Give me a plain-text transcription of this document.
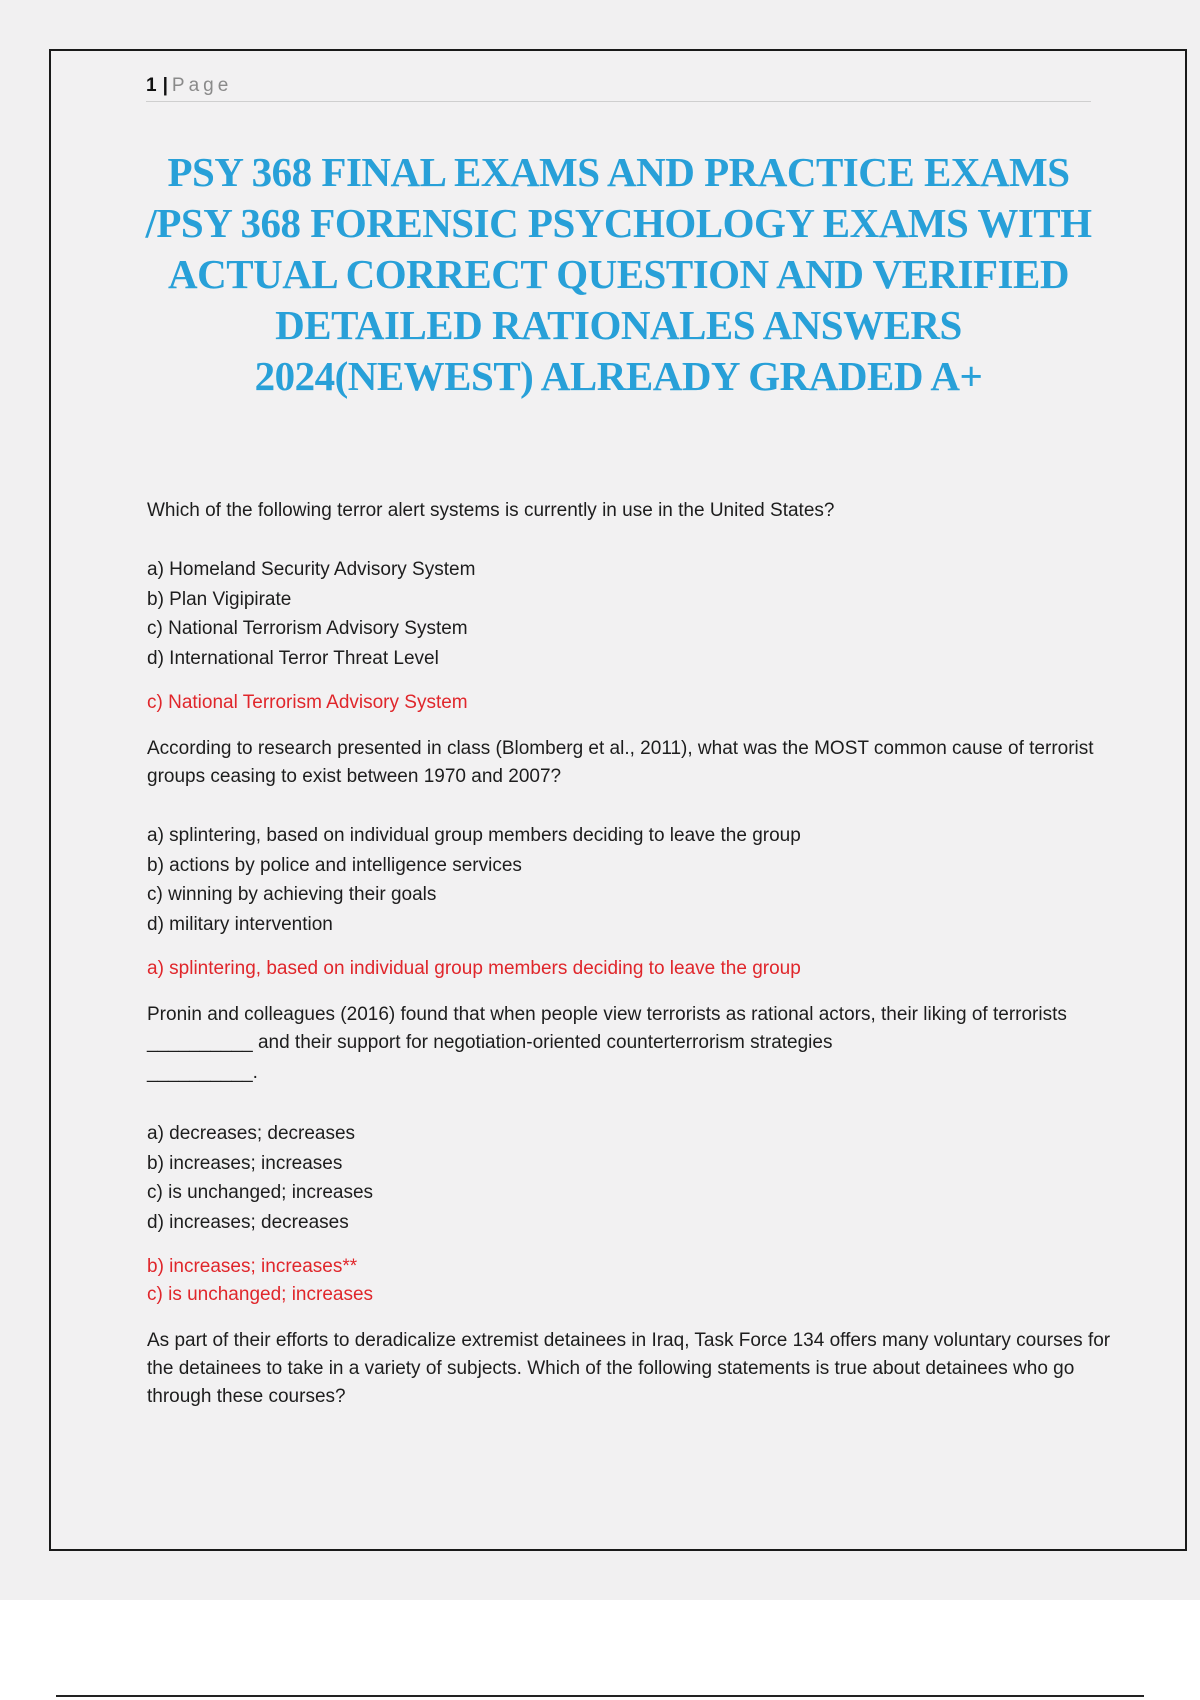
1 | Page
PSY 368 FINAL EXAMS AND PRACTICE EXAMS /PSY 368 FORENSIC PSYCHOLOGY EXAMS WITH ACTUAL CORRECT QUESTION AND VERIFIED DETAILED RATIONALES ANSWERS 2024(NEWEST) ALREADY GRADED A+

Which of the following terror alert systems is currently in use in the United States?

a) Homeland Security Advisory System
b) Plan Vigipirate
c) National Terrorism Advisory System
d) International Terror Threat Level

c) National Terrorism Advisory System

According to research presented in class (Blomberg et al., 2011), what was the MOST common cause of terrorist groups ceasing to exist between 1970 and 2007?

a) splintering, based on individual group members deciding to leave the group
b) actions by police and intelligence services
c) winning by achieving their goals
d) military intervention

a) splintering, based on individual group members deciding to leave the group

Pronin and colleagues (2016) found that when people view terrorists as rational actors, their liking of terrorists __________ and their support for negotiation-oriented counterterrorism strategies

__________.

a) decreases; decreases
b) increases; increases
c) is unchanged; increases
d) increases; decreases

b) increases; increases**

c) is unchanged; increases

As part of their efforts to deradicalize extremist detainees in Iraq, Task Force 134 offers many voluntary courses for the detainees to take in a variety of subjects. Which of the following statements is true about detainees who go through these courses?
